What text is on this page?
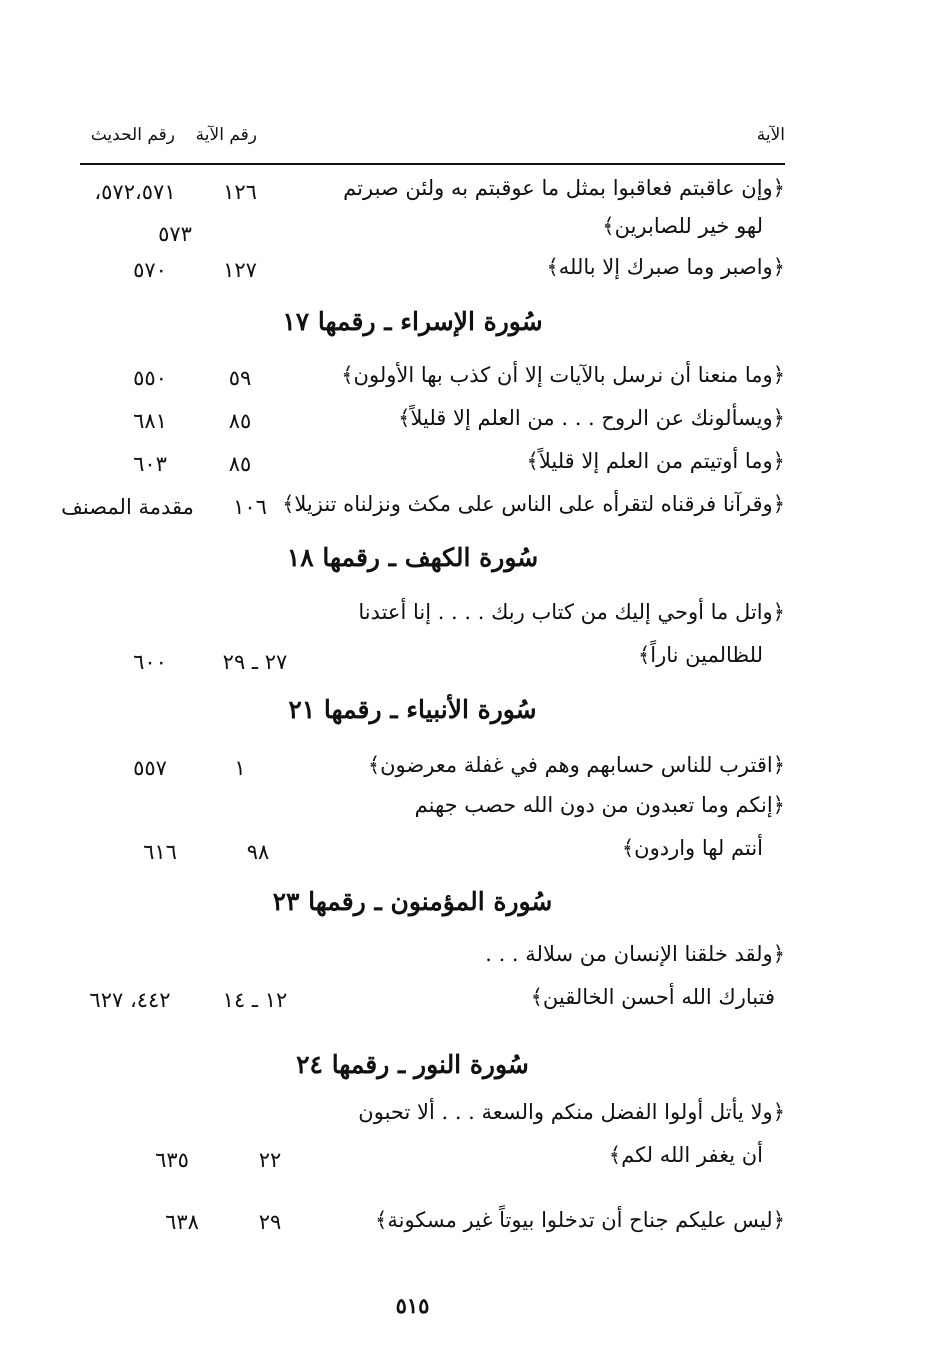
الآية
رقم الآية
رقم الحديث
﴿وإن عاقبتم فعاقبوا بمثل ما عوقبتم به ولئن صبرتم
لهو خير للصابرين﴾
١٢٦
٥٧٢،٥٧١،
٥٧٣
﴿واصبر وما صبرك إلا بالله﴾
١٢٧
٥٧٠
سُورة الإسراء ـ رقمها ١٧
﴿وما منعنا أن نرسل بالآيات إلا أن كذب بها الأولون﴾
٥٩
٥٥٠
﴿ويسألونك عن الروح . . . من العلم إلا قليلاً﴾
٨٥
٦٨١
﴿وما أوتيتم من العلم إلا قليلاً﴾
٨٥
٦٠٣
﴿وقرآنا فرقناه لتقرأه على الناس على مكث ونزلناه تنزيلا﴾
١٠٦
مقدمة المصنف
سُورة الكهف ـ رقمها ١٨
﴿واتل ما أوحي إليك من كتاب ربك . . . . إنا أعتدنا
للظالمين ناراً﴾
٢٧ ـ ٢٩
٦٠٠
سُورة الأنبياء ـ رقمها ٢١
﴿اقترب للناس حسابهم وهم في غفلة معرضون﴾
١
٥٥٧
﴿إنكم وما تعبدون من دون الله حصب جهنم
أنتم لها واردون﴾
٩٨
٦١٦
سُورة المؤمنون ـ رقمها ٢٣
﴿ولقد خلقنا الإنسان من سلالة . . .
فتبارك الله أحسن الخالقين﴾
١٢ ـ ١٤
٤٤٢، ٦٢٧
سُورة النور ـ رقمها ٢٤
﴿ولا يأتل أولوا الفضل منكم والسعة . . . ألا تحبون
أن يغفر الله لكم﴾
٢٢
٦٣٥
﴿ليس عليكم جناح أن تدخلوا بيوتاً غير مسكونة﴾
٢٩
٦٣٨
٥١٥
